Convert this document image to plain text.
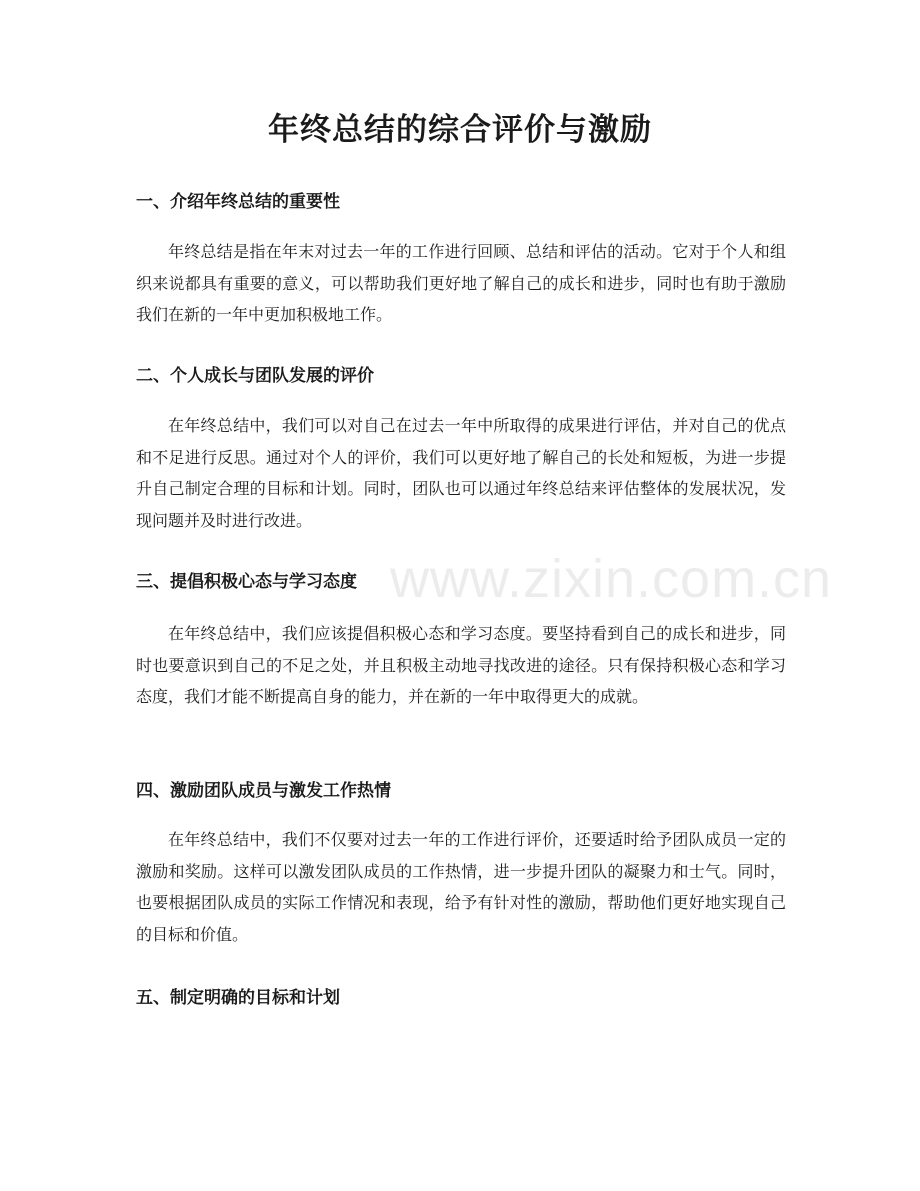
年终总结的综合评价与激励
一、介绍年终总结的重要性

年终总结是指在年末对过去一年的工作进行回顾、总结和评估的活动。它对于个人和组织来说都具有重要的意义，可以帮助我们更好地了解自己的成长和进步，同时也有助于激励我们在新的一年中更加积极地工作。

二、个人成长与团队发展的评价

在年终总结中，我们可以对自己在过去一年中所取得的成果进行评估，并对自己的优点和不足进行反思。通过对个人的评价，我们可以更好地了解自己的长处和短板，为进一步提升自己制定合理的目标和计划。同时，团队也可以通过年终总结来评估整体的发展状况，发现问题并及时进行改进。

三、提倡积极心态与学习态度

在年终总结中，我们应该提倡积极心态和学习态度。要坚持看到自己的成长和进步，同时也要意识到自己的不足之处，并且积极主动地寻找改进的途径。只有保持积极心态和学习态度，我们才能不断提高自身的能力，并在新的一年中取得更大的成就。

四、激励团队成员与激发工作热情

在年终总结中，我们不仅要对过去一年的工作进行评价，还要适时给予团队成员一定的激励和奖励。这样可以激发团队成员的工作热情，进一步提升团队的凝聚力和士气。同时，也要根据团队成员的实际工作情况和表现，给予有针对性的激励，帮助他们更好地实现自己的目标和价值。

五、制定明确的目标和计划
www.zixin.com.cn
